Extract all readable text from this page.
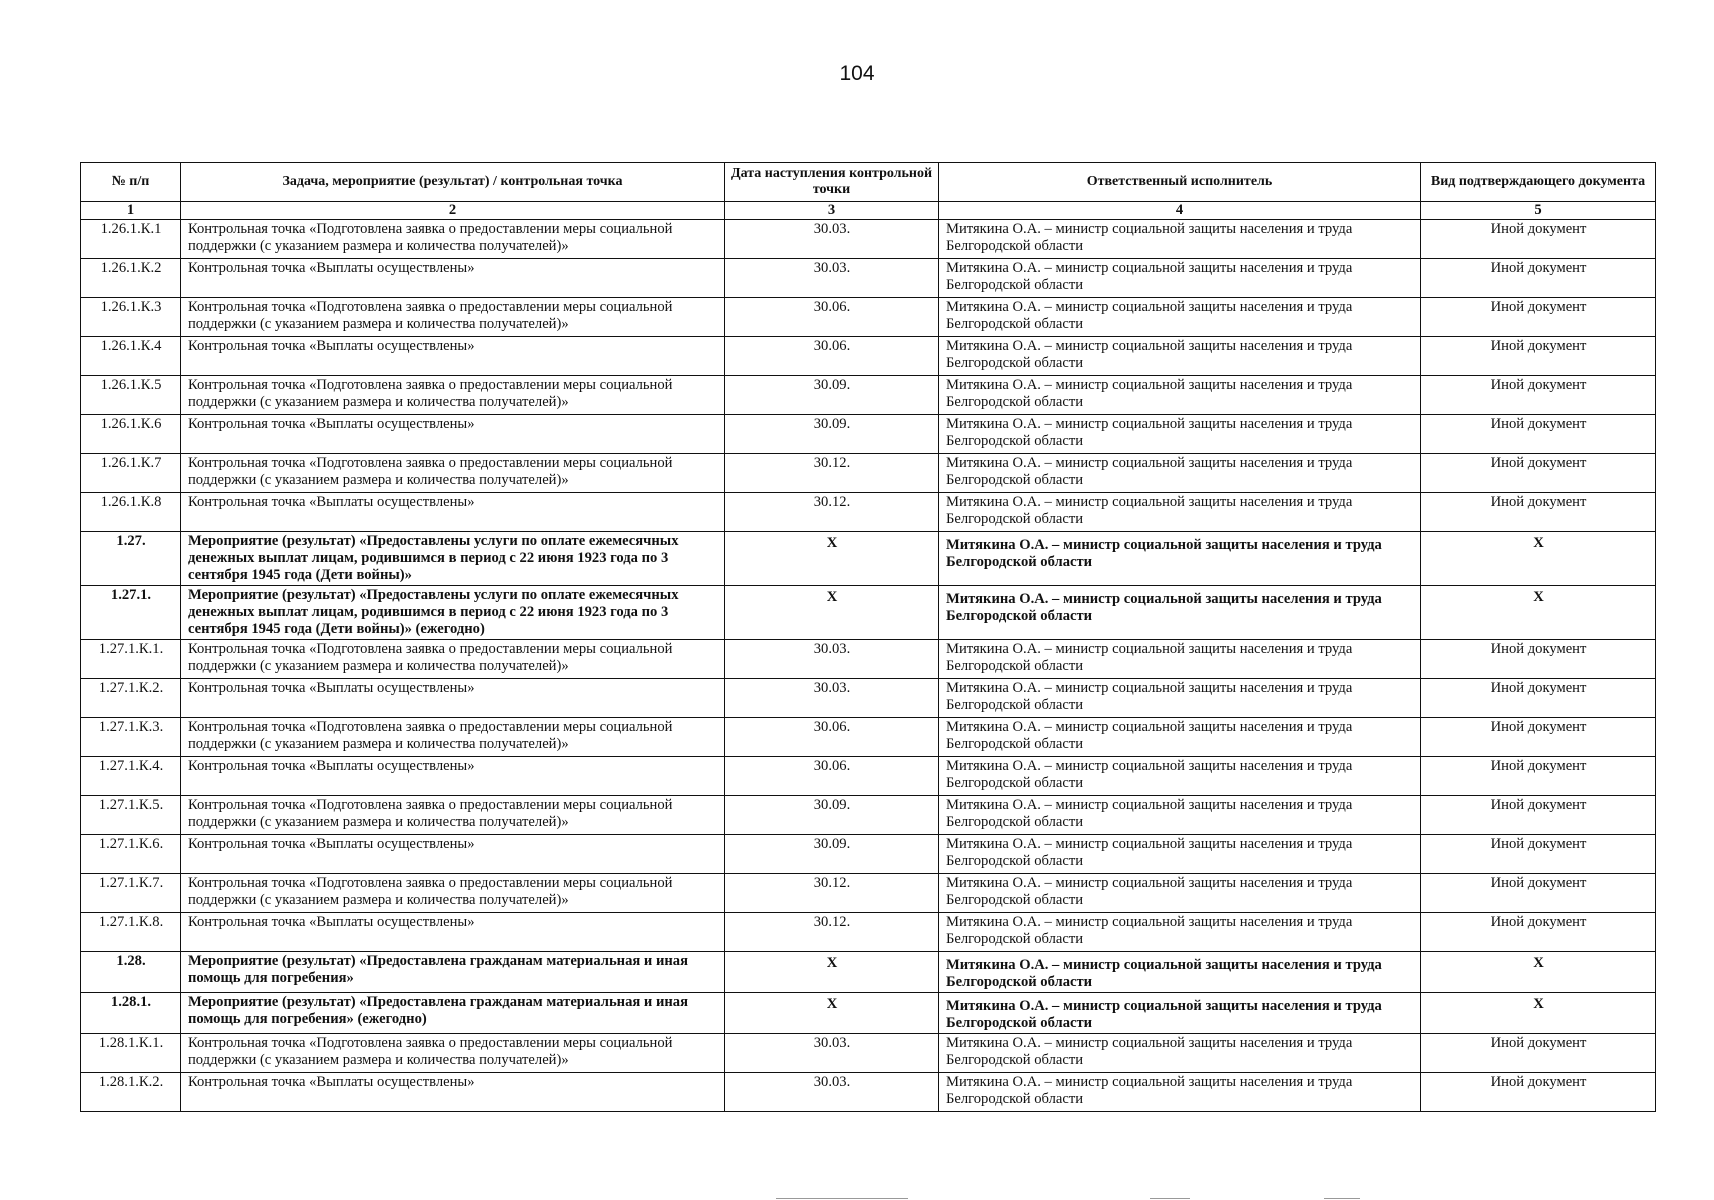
104
№ п/п	Задача, мероприятие (результат) / контрольная точка	Дата наступления контрольной точки	Ответственный исполнитель	Вид подтверждающего документа
1	2	3	4	5
1.26.1.К.1	Контрольная точка «Подготовлена заявка о предоставлении меры социальной поддержки (с указанием размера и количества получателей)»	30.03.	Митякина О.А. – министр социальной защиты населения и труда Белгородской области	Иной документ
1.26.1.К.2	Контрольная точка «Выплаты осуществлены»	30.03.	Митякина О.А. – министр социальной защиты населения и труда Белгородской области	Иной документ
1.26.1.К.3	Контрольная точка «Подготовлена заявка о предоставлении меры социальной поддержки (с указанием размера и количества получателей)»	30.06.	Митякина О.А. – министр социальной защиты населения и труда Белгородской области	Иной документ
1.26.1.К.4	Контрольная точка «Выплаты осуществлены»	30.06.	Митякина О.А. – министр социальной защиты населения и труда Белгородской области	Иной документ
1.26.1.К.5	Контрольная точка «Подготовлена заявка о предоставлении меры социальной поддержки (с указанием размера и количества получателей)»	30.09.	Митякина О.А. – министр социальной защиты населения и труда Белгородской области	Иной документ
1.26.1.К.6	Контрольная точка «Выплаты осуществлены»	30.09.	Митякина О.А. – министр социальной защиты населения и труда Белгородской области	Иной документ
1.26.1.К.7	Контрольная точка «Подготовлена заявка о предоставлении меры социальной поддержки (с указанием размера и количества получателей)»	30.12.	Митякина О.А. – министр социальной защиты населения и труда Белгородской области	Иной документ
1.26.1.К.8	Контрольная точка «Выплаты осуществлены»	30.12.	Митякина О.А. – министр социальной защиты населения и труда Белгородской области	Иной документ
1.27.	Мероприятие (результат) «Предоставлены услуги по оплате ежемесячных денежных выплат лицам, родившимся в период с 22 июня 1923 года по 3 сентября 1945 года (Дети войны)»	Х	Митякина О.А. – министр социальной защиты населения и труда Белгородской области	Х
1.27.1.	Мероприятие (результат) «Предоставлены услуги по оплате ежемесячных денежных выплат лицам, родившимся в период с 22 июня 1923 года по 3 сентября 1945 года (Дети войны)» (ежегодно)	Х	Митякина О.А. – министр социальной защиты населения и труда Белгородской области	Х
1.27.1.К.1.	Контрольная точка «Подготовлена заявка о предоставлении меры социальной поддержки (с указанием размера и количества получателей)»	30.03.	Митякина О.А. – министр социальной защиты населения и труда Белгородской области	Иной документ
1.27.1.К.2.	Контрольная точка «Выплаты осуществлены»	30.03.	Митякина О.А. – министр социальной защиты населения и труда Белгородской области	Иной документ
1.27.1.К.3.	Контрольная точка «Подготовлена заявка о предоставлении меры социальной поддержки (с указанием размера и количества получателей)»	30.06.	Митякина О.А. – министр социальной защиты населения и труда Белгородской области	Иной документ
1.27.1.К.4.	Контрольная точка «Выплаты осуществлены»	30.06.	Митякина О.А. – министр социальной защиты населения и труда Белгородской области	Иной документ
1.27.1.К.5.	Контрольная точка «Подготовлена заявка о предоставлении меры социальной поддержки (с указанием размера и количества получателей)»	30.09.	Митякина О.А. – министр социальной защиты населения и труда Белгородской области	Иной документ
1.27.1.К.6.	Контрольная точка «Выплаты осуществлены»	30.09.	Митякина О.А. – министр социальной защиты населения и труда Белгородской области	Иной документ
1.27.1.К.7.	Контрольная точка «Подготовлена заявка о предоставлении меры социальной поддержки (с указанием размера и количества получателей)»	30.12.	Митякина О.А. – министр социальной защиты населения и труда Белгородской области	Иной документ
1.27.1.К.8.	Контрольная точка «Выплаты осуществлены»	30.12.	Митякина О.А. – министр социальной защиты населения и труда Белгородской области	Иной документ
1.28.	Мероприятие (результат) «Предоставлена гражданам материальная и иная помощь для погребения»	Х	Митякина О.А. – министр социальной защиты населения и труда Белгородской области	Х
1.28.1.	Мероприятие (результат) «Предоставлена гражданам материальная и иная помощь для погребения» (ежегодно)	Х	Митякина О.А. – министр социальной защиты населения и труда Белгородской области	Х
1.28.1.К.1.	Контрольная точка «Подготовлена заявка о предоставлении меры социальной поддержки (с указанием размера и количества получателей)»	30.03.	Митякина О.А. – министр социальной защиты населения и труда Белгородской области	Иной документ
1.28.1.К.2.	Контрольная точка «Выплаты осуществлены»	30.03.	Митякина О.А. – министр социальной защиты населения и труда Белгородской области	Иной документ
